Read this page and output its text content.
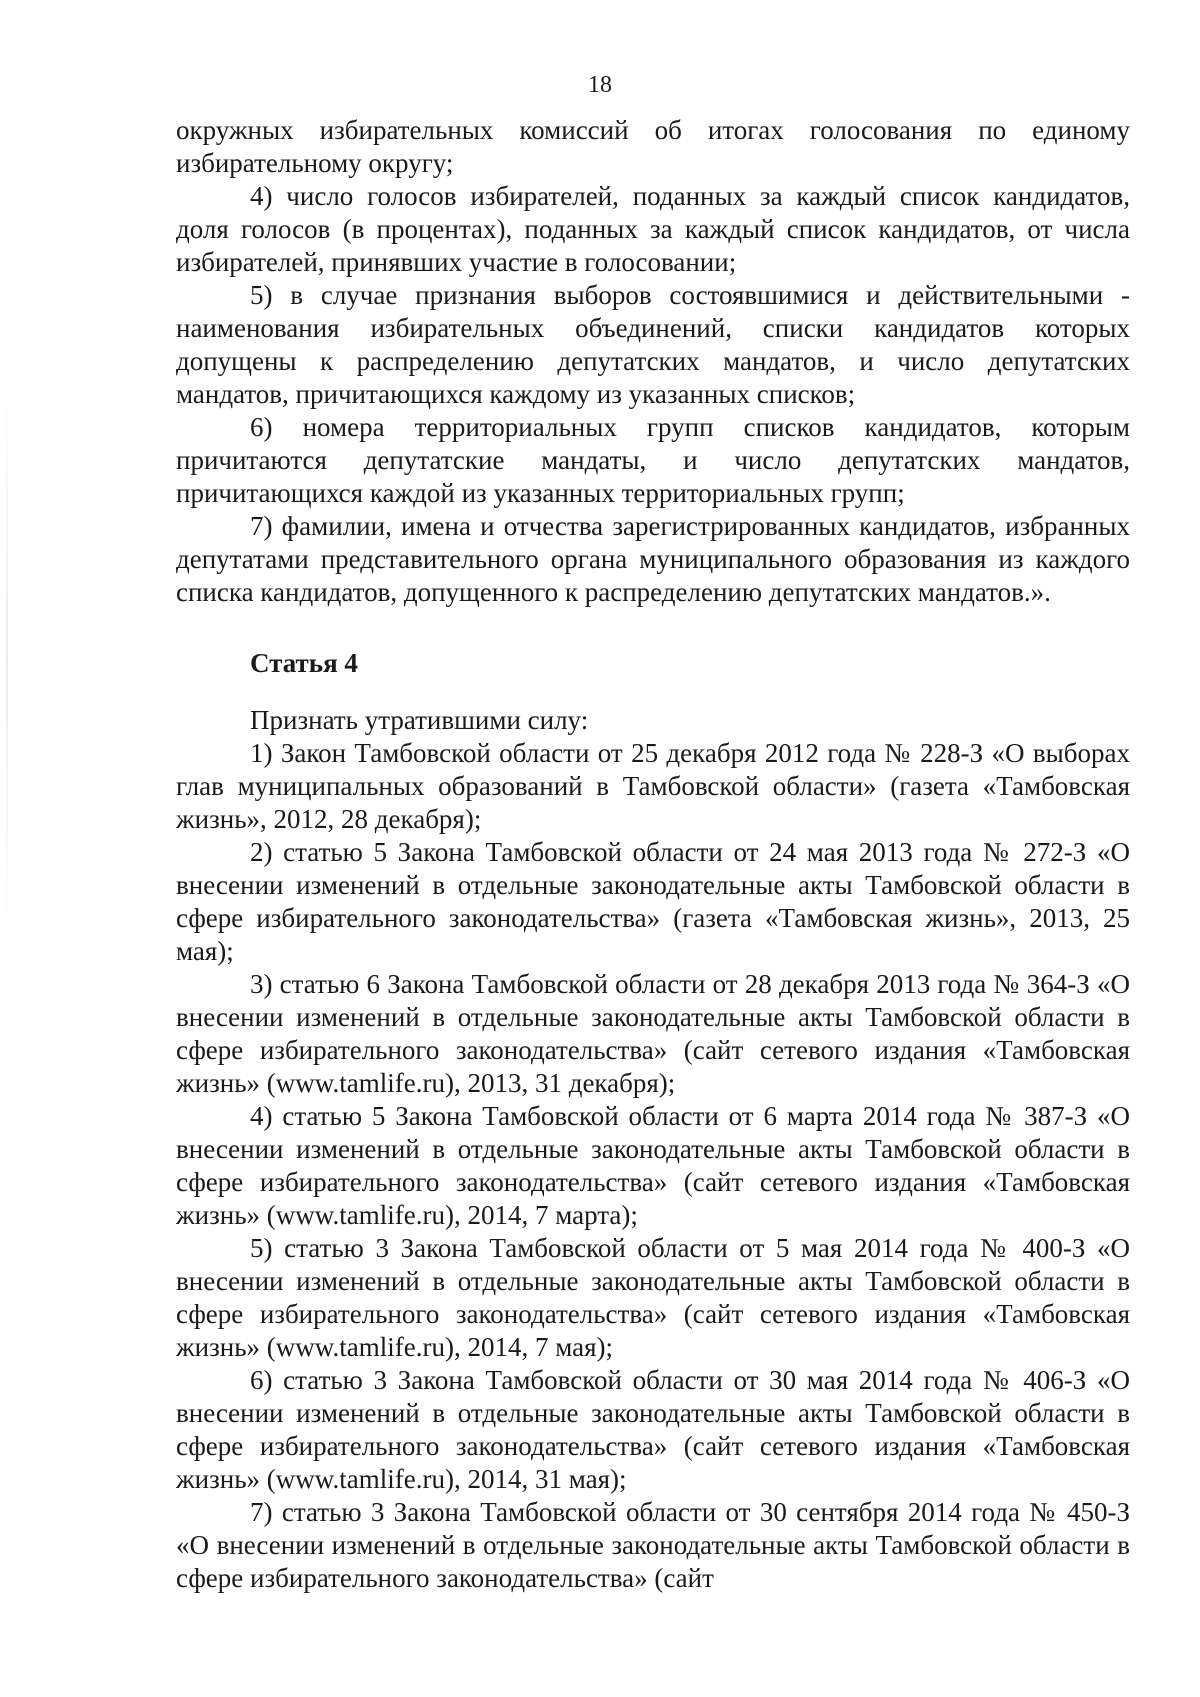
18

окружных избирательных комиссий об итогах голосования по единому избирательному округу;

4) число голосов избирателей, поданных за каждый список кандидатов, доля голосов (в процентах), поданных за каждый список кандидатов, от числа избирателей, принявших участие в голосовании;

5) в случае признания выборов состоявшимися и действительными - наименования избирательных объединений, списки кандидатов которых допущены к распределению депутатских мандатов, и число депутатских мандатов, причитающихся каждому из указанных списков;

6) номера территориальных групп списков кандидатов, которым причитаются депутатские мандаты, и число депутатских мандатов, причитающихся каждой из указанных территориальных групп;

7) фамилии, имена и отчества зарегистрированных кандидатов, избранных депутатами представительного органа муниципального образования из каждого списка кандидатов, допущенного к распределению депутатских мандатов.».

Статья 4

Признать утратившими силу:

1) Закон Тамбовской области от 25 декабря 2012 года № 228-З «О выборах глав муниципальных образований в Тамбовской области» (газета «Тамбовская жизнь», 2012, 28 декабря);

2) статью 5 Закона Тамбовской области от 24 мая 2013 года № 272-З «О внесении изменений в отдельные законодательные акты Тамбовской области в сфере избирательного законодательства» (газета «Тамбовская жизнь», 2013, 25 мая);

3) статью 6 Закона Тамбовской области от 28 декабря 2013 года № 364-З «О внесении изменений в отдельные законодательные акты Тамбовской области в сфере избирательного законодательства» (сайт сетевого издания «Тамбовская жизнь» (www.tamlife.ru), 2013, 31 декабря);

4) статью 5 Закона Тамбовской области от 6 марта 2014 года № 387-З «О внесении изменений в отдельные законодательные акты Тамбовской области в сфере избирательного законодательства» (сайт сетевого издания «Тамбовская жизнь» (www.tamlife.ru), 2014, 7 марта);

5) статью 3 Закона Тамбовской области от 5 мая 2014 года № 400-З «О внесении изменений в отдельные законодательные акты Тамбовской области в сфере избирательного законодательства» (сайт сетевого издания «Тамбовская жизнь» (www.tamlife.ru), 2014, 7 мая);

6) статью 3 Закона Тамбовской области от 30 мая 2014 года № 406-З «О внесении изменений в отдельные законодательные акты Тамбовской области в сфере избирательного законодательства» (сайт сетевого издания «Тамбовская жизнь» (www.tamlife.ru), 2014, 31 мая);

7) статью 3 Закона Тамбовской области от 30 сентября 2014 года № 450-З «О внесении изменений в отдельные законодательные акты Тамбовской области в сфере избирательного законодательства» (сайт
